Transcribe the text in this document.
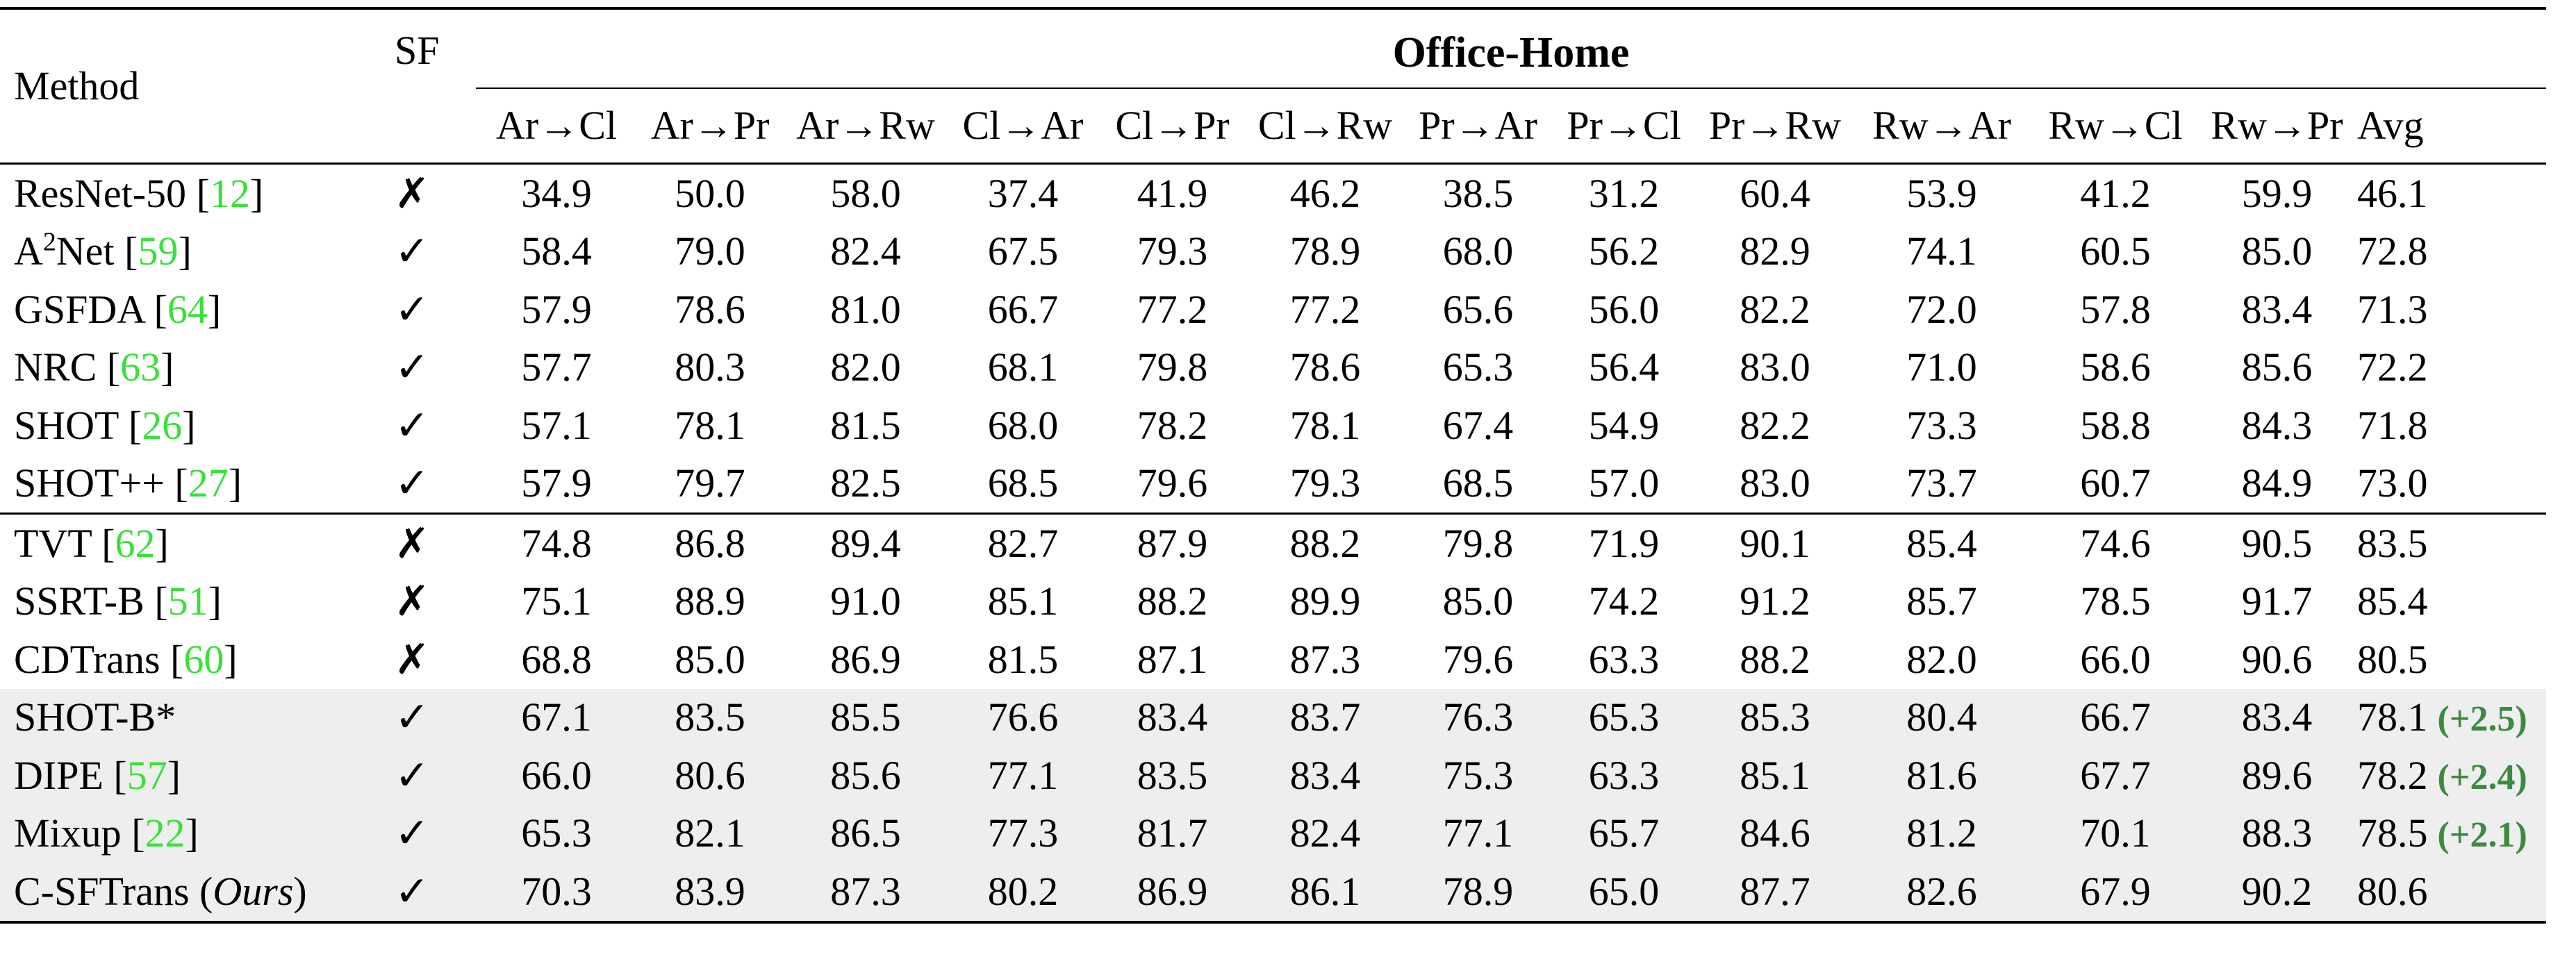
Method	SF	Office-Home												
		Ar→Cl	Ar→Pr	Ar→Rw	Cl→Ar	Cl→Pr	Cl→Rw	Pr→Ar	Pr→Cl	Pr→Rw	Rw→Ar	Rw→Cl	Rw→Pr	Avg

ResNet-50 [12]	✗	34.9	50.0	58.0	37.4	41.9	46.2	38.5	31.2	60.4	53.9	41.2	59.9	46.1
$A^2Net$ [59]	✓	58.4	79.0	82.4	67.5	79.3	78.9	68.0	56.2	82.9	74.1	60.5	85.0	72.8
GSFDA [64]	✓	57.9	78.6	81.0	66.7	77.2	77.2	65.6	56.0	82.2	72.0	57.8	83.4	71.3
NRC [63]	✓	57.7	80.3	82.0	68.1	79.8	78.6	65.3	56.4	83.0	71.0	58.6	85.6	72.2
SHOT [26]	✓	57.1	78.1	81.5	68.0	78.2	78.1	67.4	54.9	82.2	73.3	58.8	84.3	71.8
SHOT++ [27]	✓	57.9	79.7	82.5	68.5	79.6	79.3	68.5	57.0	83.0	73.7	60.7	84.9	73.0

TVT [62]	✗	74.8	86.8	89.4	82.7	87.9	88.2	79.8	71.9	90.1	85.4	74.6	90.5	83.5
SSRT-B [51]	✗	75.1	88.9	91.0	85.1	88.2	89.9	85.0	74.2	91.2	85.7	78.5	91.7	85.4
CDTrans [60]	✗	68.8	85.0	86.9	81.5	87.1	87.3	79.6	63.3	88.2	82.0	66.0	90.6	80.5
SHOT-B*	✓	67.1	83.5	85.5	76.6	83.4	83.7	76.3	65.3	85.3	80.4	66.7	83.4	78.1 (+2.5)
DIPE [57]	✓	66.0	80.6	85.6	77.1	83.5	83.4	75.3	63.3	85.1	81.6	67.7	89.6	78.2 (+2.4)
Mixup [22]	✓	65.3	82.1	86.5	77.3	81.7	82.4	77.1	65.7	84.6	81.2	70.1	88.3	78.5 (+2.1)
C-SFTrans (Ours)	✓	70.3	83.9	87.3	80.2	86.9	86.1	78.9	65.0	87.7	82.6	67.9	90.2	80.6
